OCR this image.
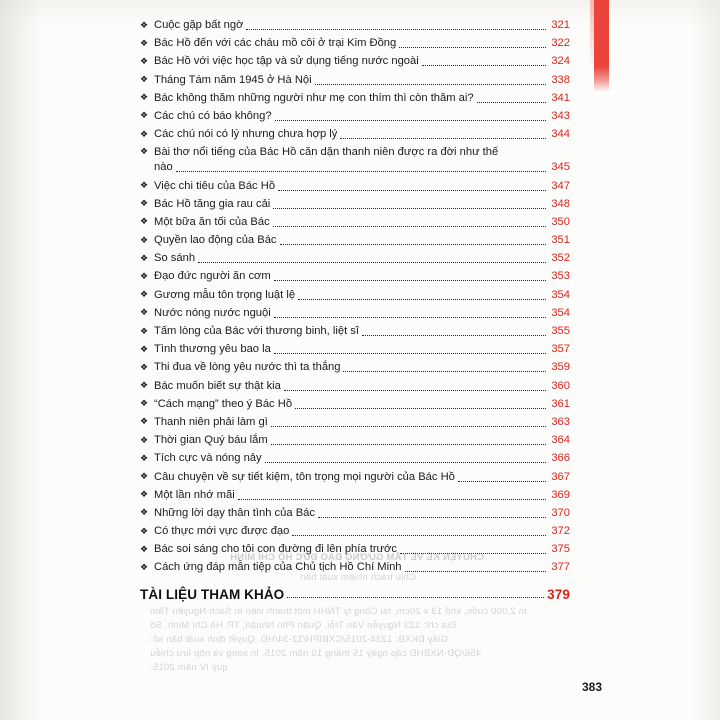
❖
Cuộc gặp bất ngờ	321
❖
Bác Hồ đến với các cháu mồ côi ở trại Kim Đồng	322
❖
Bác Hồ với việc học tập và sử dụng tiếng nước ngoài	324
❖
Tháng Tám năm 1945 ở Hà Nội	338
❖
Bác không thăm những người như mẹ con thím thì còn thăm ai?	341
❖
Các chú có báo không?	343
❖
Các chú nói có lý nhưng chưa hợp lý	344
❖
Bài thơ nổi tiếng của Bác Hồ căn dặn thanh niên được ra đời như thế
nào	345
❖
Việc chi tiêu của Bác Hồ	347
❖
Bác Hồ tăng gia rau cải	348
❖
Một bữa ăn tối của Bác	350
❖
Quyền lao động của Bác	351
❖
So sánh	352
❖
Đạo đức người ăn cơm	353
❖
Gương mẫu tôn trọng luật lệ	354
❖
Nước nóng nước nguội	354
❖
Tấm lòng của Bác với thương binh, liệt sĩ	355
❖
Tình thương yêu bao la	357
❖
Thi đua về lòng yêu nước thì ta thắng	359
❖
Bác muốn biết sự thật kia	360
❖
“Cách mạng” theo ý Bác Hồ	361
❖
Thanh niên phải làm gì	363
❖
Thời gian Quý báu lắm	364
❖
Tích cực và nóng nảy	366
❖
Câu chuyện về sự tiết kiệm, tôn trọng mọi người của Bác Hồ	367
❖
Một lần nhớ mãi	369
❖
Những lời dạy thân tình của Bác	370
❖
Có thực mới vực được đạo	372
❖
Bác soi sáng cho tôi con đường đi lên phía trước	375
❖
Cách ứng đáp mẫn tiệp của Chủ tịch Hồ Chí Minh	377
TÀI LIỆU THAM KHẢO	379
383
CHUYỆN KỂ VỀ TẤM GƯƠNG ĐẠO ĐỨC HỒ CHÍ MINH
Chịu trách nhiệm xuất bản
In 2.000 cuốn, khổ 13 x 20cm, tại Công ty TNHH một thành viên In Sách Nguyên Tâm
Địa chỉ: 123 Nguyễn Văn Trỗi, Quận Phú Nhuận, TP. Hồ Chí Minh. Số
Giấy ĐKXB: 1234-2015/CXBIPH/12-34/HĐ. Quyết định xuất bản số:
456/QĐ-NXBHĐ cấp ngày 15 tháng 10 năm 2015. In xong và nộp lưu chiểu
quý IV năm 2015.
